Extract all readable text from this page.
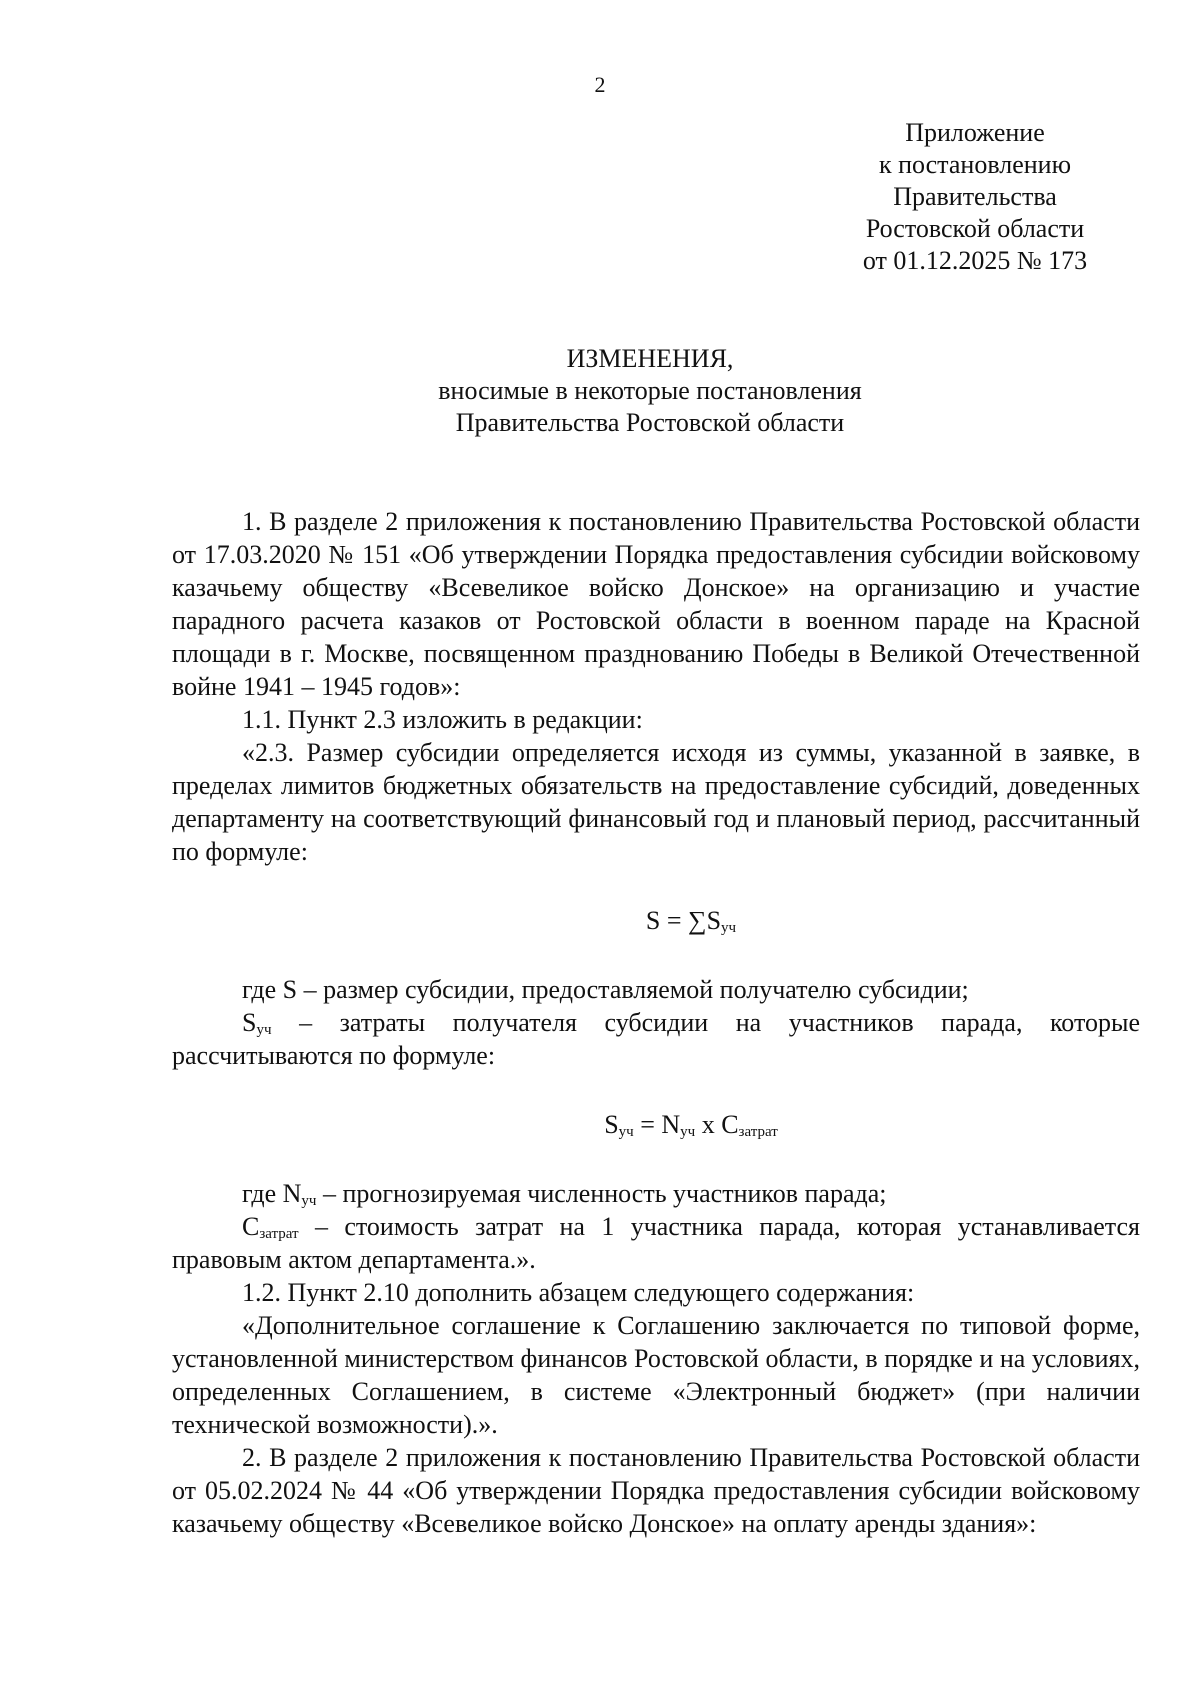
2
Приложение
к постановлению
Правительства
Ростовской области
от 01.12.2025 № 173
ИЗМЕНЕНИЯ,
вносимые в некоторые постановления
Правительства Ростовской области

1. В разделе 2 приложения к постановлению Правительства Ростовской области от 17.03.2020 № 151 «Об утверждении Порядка предоставления субсидии войсковому казачьему обществу «Всевеликое войско Донское» на организацию и участие парадного расчета казаков от Ростовской области в военном параде на Красной площади в г. Москве, посвященном празднованию Победы в Великой Отечественной войне 1941 – 1945 годов»:

1.1. Пункт 2.3 изложить в редакции:

«2.3. Размер субсидии определяется исходя из суммы, указанной в заявке, в пределах лимитов бюджетных обязательств на предоставление субсидий, доведенных департаменту на соответствующий финансовый год и плановый период, рассчитанный по формуле:

$S = \sum S_{уч}$

где S – размер субсидии, предоставляемой получателю субсидии;

$S_{уч}$ – затраты получателя субсидии на участников парада, которые рассчитываются по формуле:

$S_{уч} = N_{уч}$ x $C_{затрат}$

где $N_{уч}$ – прогнозируемая численность участников парада;

$C_{затрат}$ – стоимость затрат на 1 участника парада, которая устанавливается правовым актом департамента.».

1.2. Пункт 2.10 дополнить абзацем следующего содержания:

«Дополнительное соглашение к Соглашению заключается по типовой форме, установленной министерством финансов Ростовской области, в порядке и на условиях, определенных Соглашением, в системе «Электронный бюджет» (при наличии технической возможности).».

2. В разделе 2 приложения к постановлению Правительства Ростовской области от 05.02.2024 № 44 «Об утверждении Порядка предоставления субсидии войсковому казачьему обществу «Всевеликое войско Донское» на оплату аренды здания»:
